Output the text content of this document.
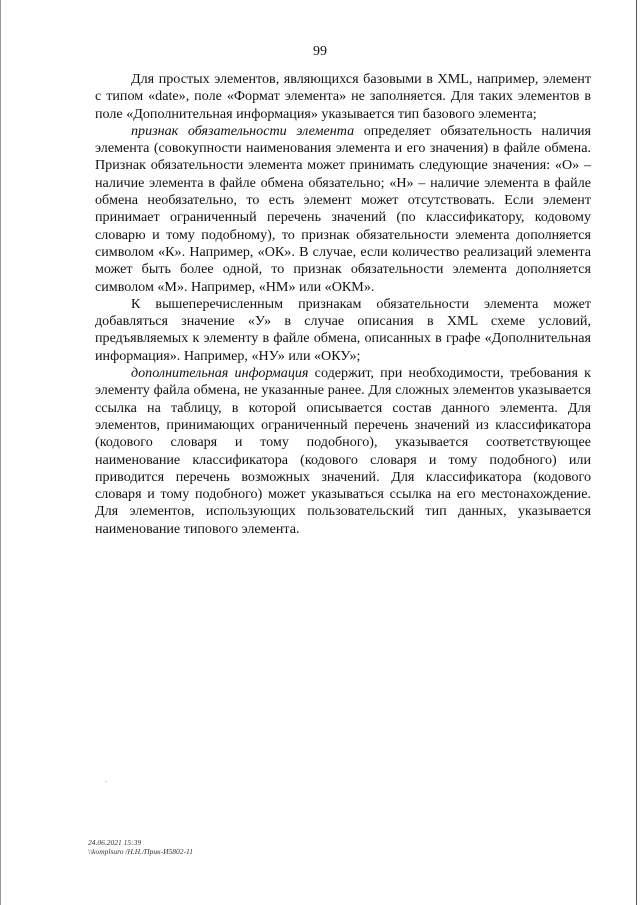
99

Для простых элементов, являющихся базовыми в XML, например, элемент с типом «date», поле «Формат элемента» не заполняется. Для таких элементов в поле «Дополнительная информация» указывается тип базового элемента;

признак обязательности элемента определяет обязательность наличия элемента (совокупности наименования элемента и его значения) в файле обмена. Признак обязательности элемента может принимать следующие значения: «О» – наличие элемента в файле обмена обязательно; «Н» – наличие элемента в файле обмена необязательно, то есть элемент может отсутствовать. Если элемент принимает ограниченный перечень значений (по классификатору, кодовому словарю и тому подобному), то признак обязательности элемента дополняется символом «К». Например, «ОК». В случае, если количество реализаций элемента может быть более одной, то признак обязательности элемента дополняется символом «М». Например, «НМ» или «ОКМ».

К вышеперечисленным признакам обязательности элемента может добавляться значение «У» в случае описания в XML схеме условий, предъявляемых к элементу в файле обмена, описанных в графе «Дополнительная информация». Например, «НУ» или «ОКУ»;

дополнительная информация содержит, при необходимости, требования к элементу файла обмена, не указанные ранее. Для сложных элементов указывается ссылка на таблицу, в которой описывается состав данного элемента. Для элементов, принимающих ограниченный перечень значений из классификатора (кодового словаря и тому подобного), указывается соответствующее наименование классификатора (кодового словаря и тому подобного) или приводится перечень возможных значений. Для классификатора (кодового словаря и тому подобного) может указываться ссылка на его местонахождение. Для элементов, использующих пользовательский тип данных, указывается наименование типового элемента.

·
24.06.2021 15:39
\\komplsuro /Н.Н./Прик-И5802-11
